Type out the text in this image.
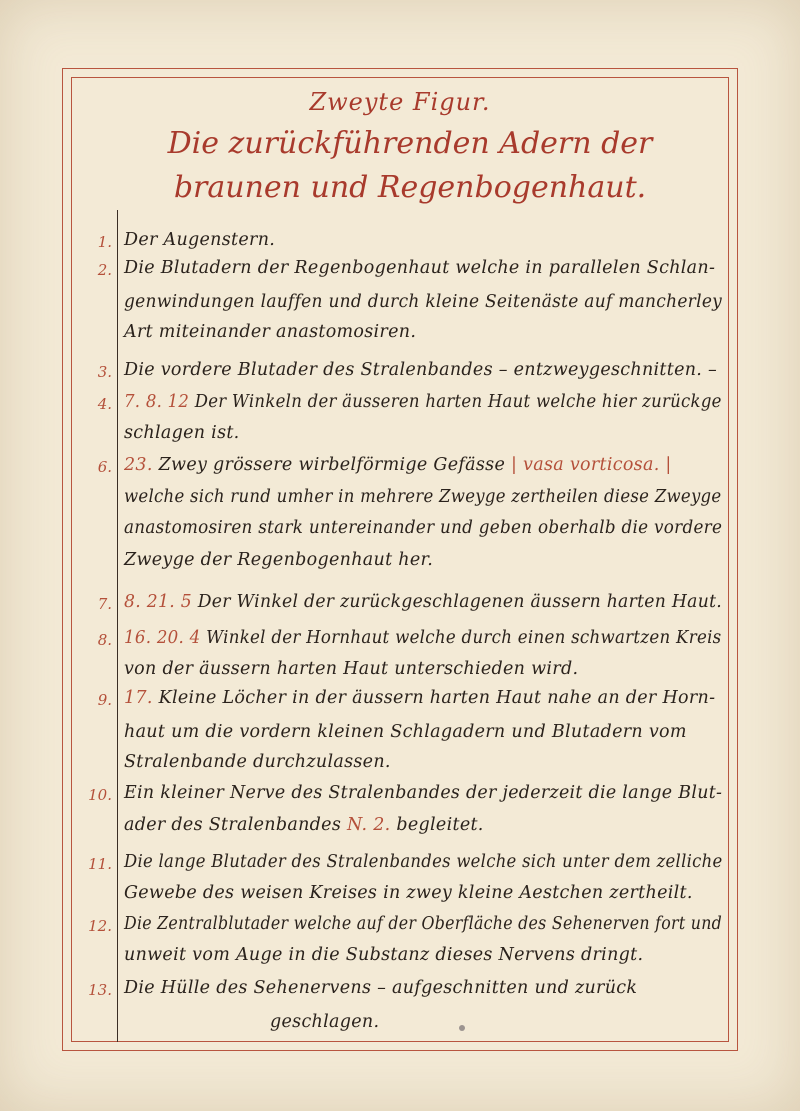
Zweyte Figur.
Die zurückführenden Adern der braunen und Regenbogenhaut.
1. Der Augenstern.
2. Die Blutadern der Regenbogenhaut welche in parallelen Schlan-
genwindungen lauffen und durch kleine Seitenäste auf mancherley
Art miteinander anastomosiren.
3. Die vordere Blutader des Stralenbandes – entzweygeschnitten. –
4. 7. 8. 12 Der Winkeln der äusseren harten Haut welche hier zurückge
schlagen ist.
6. 23. Zwey grössere wirbelförmige Gefässe | vasa vorticosa. |
welche sich rund umher in mehrere Zweyge zertheilen diese Zweyge
anastomosiren stark untereinander und geben oberhalb die vordere
Zweyge der Regenbogenhaut her.
7. 8. 21. 5 Der Winkel der zurückgeschlagenen äussern harten Haut.
8. 16. 20. 4 Winkel der Hornhaut welche durch einen schwartzen Kreis
von der äussern harten Haut unterschieden wird.
9. 17. Kleine Löcher in der äussern harten Haut nahe an der Horn-
haut um die vordern kleinen Schlagadern und Blutadern vom
Stralenbande durchzulassen.
10. Ein kleiner Nerve des Stralenbandes der jederzeit die lange Blut-
ader des Stralenbandes N. 2. begleitet.
11. Die lange Blutader des Stralenbandes welche sich unter dem zelliche
Gewebe des weisen Kreises in zwey kleine Aestchen zertheilt.
12. Die Zentralblutader welche auf der Oberfläche des Sehenerven fort und
unweit vom Auge in die Substanz dieses Nervens dringt.
13. Die Hülle des Sehenervens – aufgeschnitten und zurück
geschlagen.
